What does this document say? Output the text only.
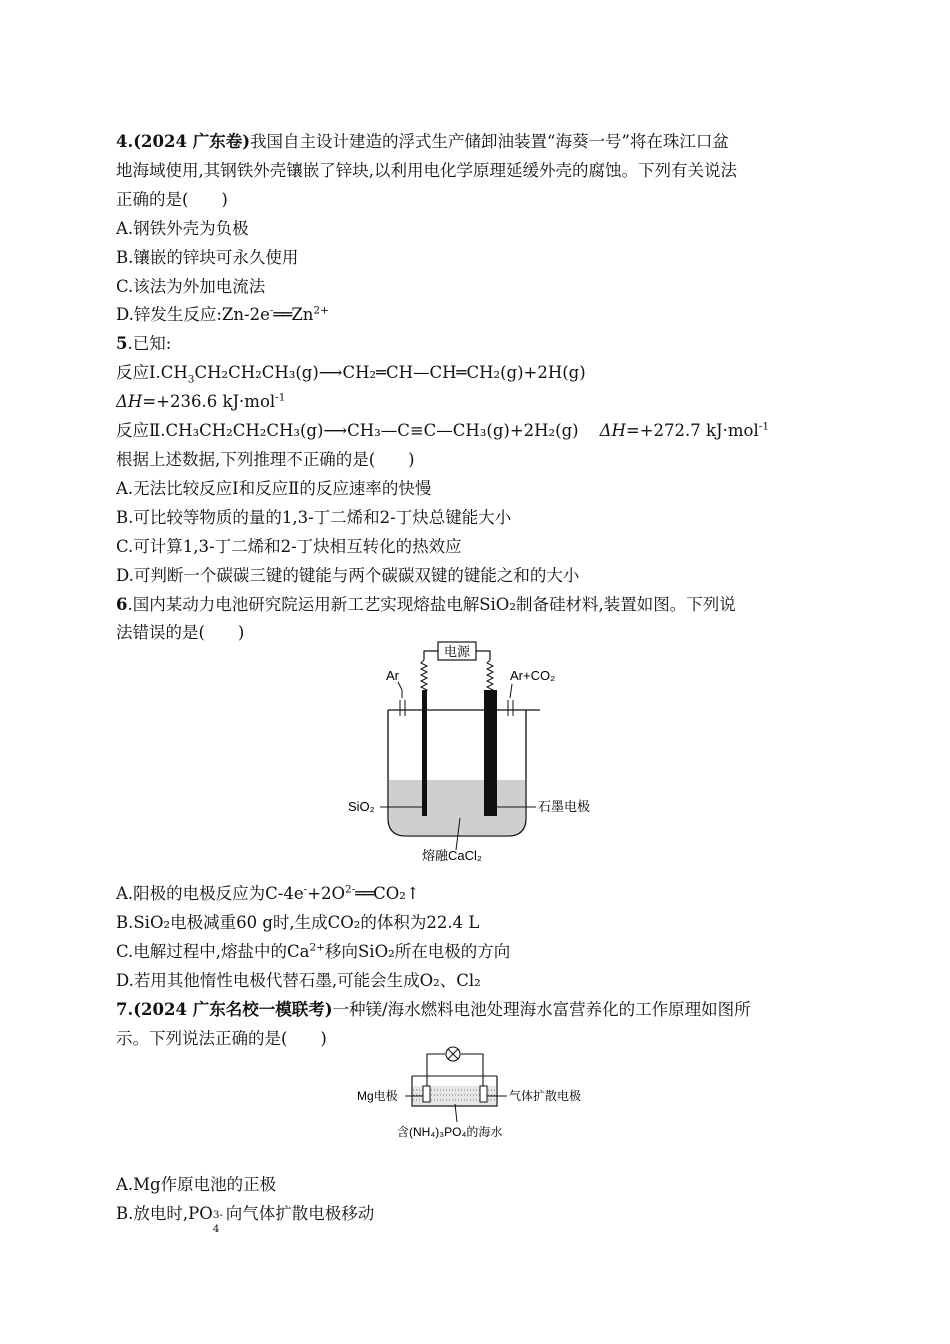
4.(2024 广东卷)我国自主设计建造的浮式生产储卸油装置“海葵一号”将在珠江口盆
地海域使用,其钢铁外壳镶嵌了锌块,以利用电化学原理延缓外壳的腐蚀。下列有关说法
正确的是(　　)
A.钢铁外壳为负极
B.镶嵌的锌块可永久使用
C.该法为外加电流法
D.锌发生反应$:Zn-2e^-══Zn^{2+}$
5.已知:
反应$Ⅰ.CH_3CH_2CH_2CH_3(g)⟶CH_2═CH—CH═CH_2(g)+2H(g)$
ΔH=+236.6 kJ·mol$^{-1}$
反应Ⅱ.CH₃CH₂CH₂CH₃(g)⟶CH₃—C≡C—CH₃(g)+2H₂(g) ΔH=+272.7 kJ·mol$^{-1}$
根据上述数据,下列推理不正确的是(　　)
A.无法比较反应Ⅰ和反应Ⅱ的反应速率的快慢
B.可比较等物质的量的1,3-丁二烯和2-丁炔总键能大小
C.可计算1,3-丁二烯和2-丁炔相互转化的热效应
D.可判断一个碳碳三键的键能与两个碳碳双键的键能之和的大小
6.国内某动力电池研究院运用新工艺实现熔盐电解SiO₂制备硅材料,装置如图。下列说
法错误的是(　　)
A.阳极的电极反应为$C-4e^-+2O^{2-}══CO_2↑$
B.SiO₂电极减重60 g时,生成CO₂的体积为22.4 L
C.电解过程中,熔盐中的$Ca^{2+}$移向SiO₂所在电极的方向
D.若用其他惰性电极代替石墨,可能会生成O₂、Cl₂
7.(2024 广东名校一模联考)一种镁/海水燃料电池处理海水富营养化的工作原理如图所
示。下列说法正确的是(　　)
A.Mg作原电池的正极
B.放电时,PO 3-
4
向气体扩散电极移动
电源
Ar	Ar+CO₂
SiO₂	石墨电极
熔融CaCl₂
Mg电极	气体扩散电极
含(NH₄)₃PO₄的海水
